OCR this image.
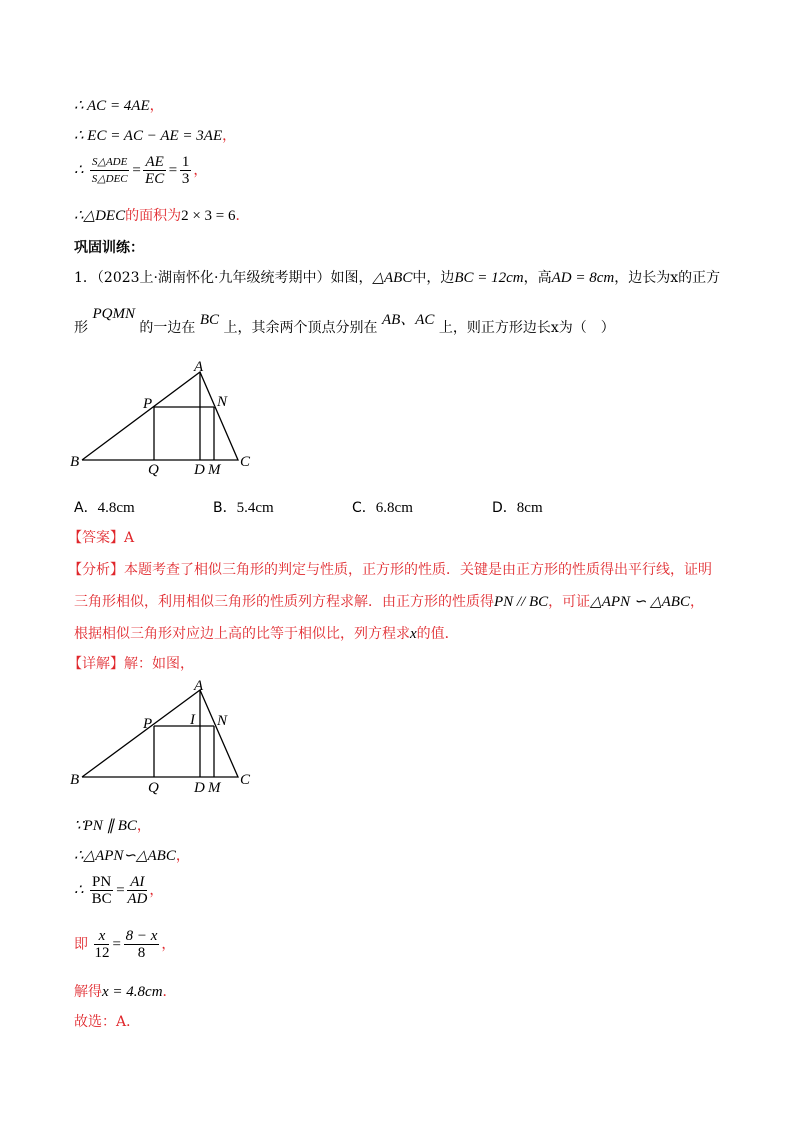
∴ AC = 4AE，
∴ EC = AC − AE = 3AE，
∴ $\frac{\text{S△ADE}}{\text{S△DEC}} = \frac{AE}{EC} = \frac{1}{3}$ ，
∴△DEC的面积为2 × 3 = 6．
巩固训练：
1．（2023上·湖南怀化·九年级统考期中）如图，△ABC中，边BC = 12cm，高AD = 8cm，边长为x的正方
形 PQMN 的一边在 BC 上，其余两个顶点分别在 AB、AC 上，则正方形边长x为（　）
A
B	C
P	N
Q D M
A．4.8cm	B．5.4cm	C．6.8cm	D．8cm
【答案】A
【分析】本题考查了相似三角形的判定与性质，正方形的性质．关键是由正方形的性质得出平行线，证明
三角形相似，利用相似三角形的性质列方程求解．由正方形的性质得PN // BC，可证△APN ∽ △ABC，
根据相似三角形对应边上高的比等于相似比，列方程求x的值．
【详解】解：如图，
A
B	C
P	N
I
Q D M
∵PN ∥ BC，
∴△APN∽△ABC，
∴ $\frac{PN}{BC} = \frac{AI}{AD}$ ，
即 $\frac{x}{12} = \frac{8 - x}{8}$ ，
解得x = 4.8cm．
故选：A．
